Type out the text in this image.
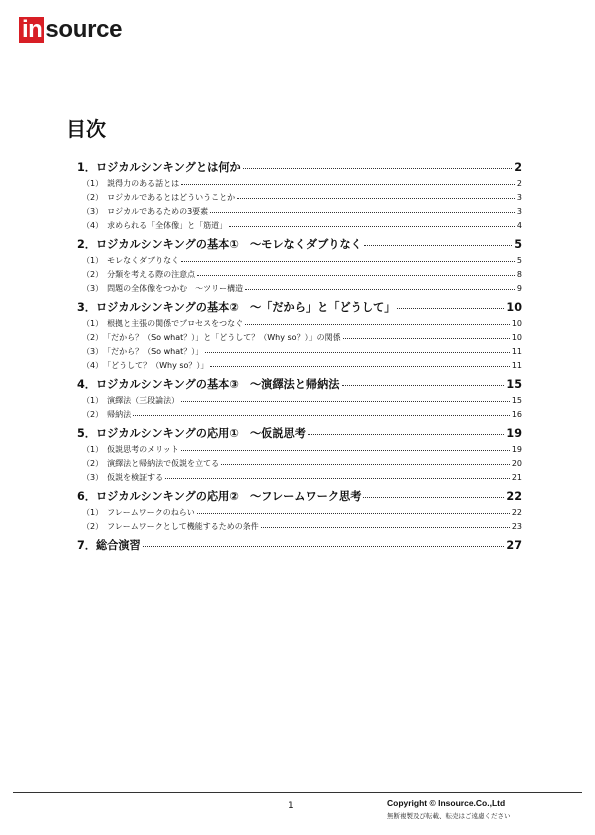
in source
目次
1．ロジカルシンキングとは何か	2
（1）　説得力のある話とは	2
（2）　ロジカルであるとはどういうことか	3
（3）　ロジカルであるための3要素	3
（4）　求められる「全体像」と「筋道」	4
2．ロジカルシンキングの基本①　～モレなくダブりなく	5
（1）　モレなくダブりなく	5
（2）　分類を考える際の注意点	8
（3）　問題の全体像をつかむ　～ツリー構造	9
3．ロジカルシンキングの基本②　～「だから」と「どうして」	10
（1）　根拠と主張の関係でプロセスをつなぐ	10
（2）　「だから？（So what？）」と「どうして？（Why so？）」の関係	10
（3）　「だから？（So what？）」	11
（4）　「どうして？（Why so？）」	11
4．ロジカルシンキングの基本③　～演繹法と帰納法	15
（1）　演繹法（三段論法）	15
（2）　帰納法	16
5．ロジカルシンキングの応用①　～仮説思考	19
（1）　仮説思考のメリット	19
（2）　演繹法と帰納法で仮説を立てる	20
（3）　仮説を検証する	21
6．ロジカルシンキングの応用②　～フレームワーク思考	22
（1）　フレームワークのねらい	22
（2）　フレームワークとして機能するための条件	23
7．総合演習	27
1	Copyright © Insource.Co.,Ltd
無断複製及び転載、転売はご遠慮ください
